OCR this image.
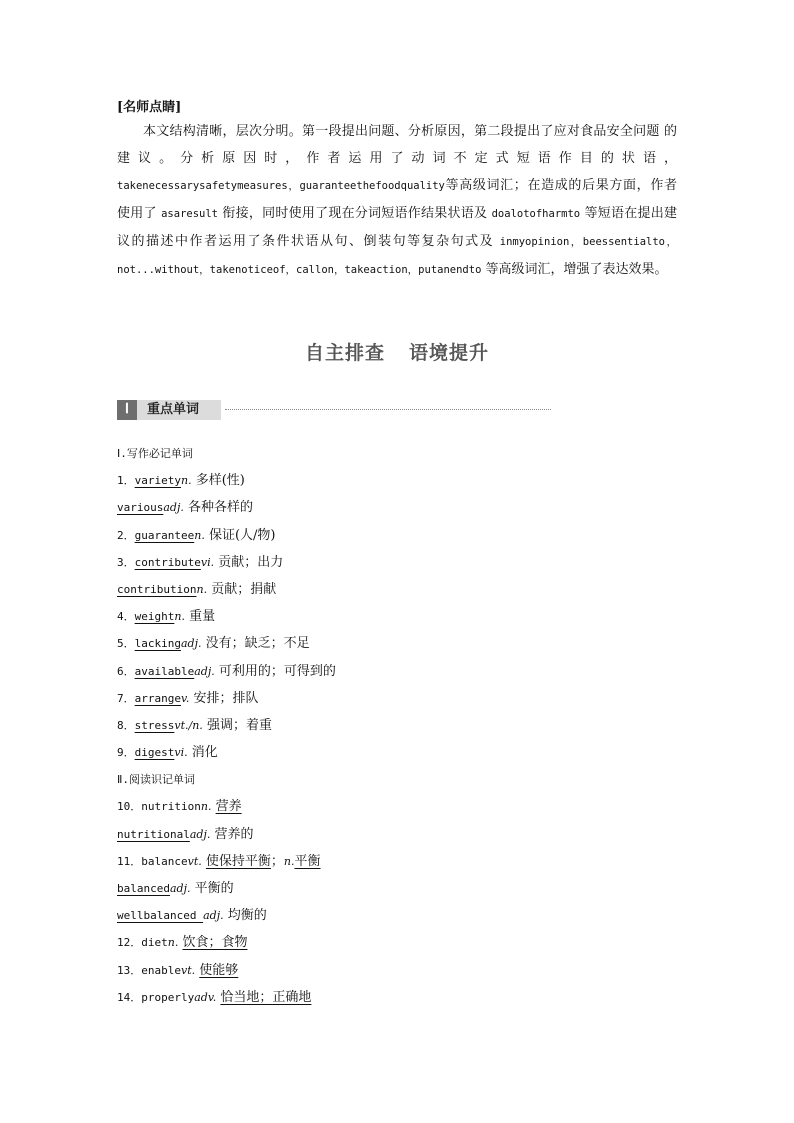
[名师点睛]

本文结构清晰，层次分明。第一段提出问题、分析原因，第二段提出了应对食品安全问题 的 建 议 。 分 析 原 因 时 ， 作 者 运 用 了 动 词 不 定 式 短 语 作 目 的 状 语 ，takenecessarysafetymeasures，guaranteethefoodquality等高级词汇；在造成的后果方面，作者使用了 asaresult 衔接，同时使用了现在分词短语作结果状语及 doalotofharmto 等短语在提出建议的描述中作者运用了条件状语从句、倒装句等复杂句式及 inmyopinion，beessentialto，not...without，takenoticeof，callon，takeaction，putanendto 等高级词汇，增强了表达效果。

自主排查 语境提升
Ⅰ	重点单词
Ⅰ.写作必记单词
1．varietyn. 多样(性)
variousadj. 各种各样的
2．guaranteen. 保证(人/物)
3．contributevi. 贡献；出力
contributionn. 贡献；捐献
4．weightn. 重量
5．lackingadj. 没有；缺乏；不足
6．availableadj. 可利用的；可得到的
7．arrangev. 安排；排队
8．stressvt./n. 强调；着重
9．digestvi. 消化
Ⅱ.阅读识记单词
10．nutritionn. 营养
nutritionaladj. 营养的
11．balancevt. 使保持平衡；n.平衡
balancedadj. 平衡的
wellbalanced adj. 均衡的
12．dietn. 饮食；食物
13．enablevt. 使能够
14．properlyadv. 恰当地；正确地
